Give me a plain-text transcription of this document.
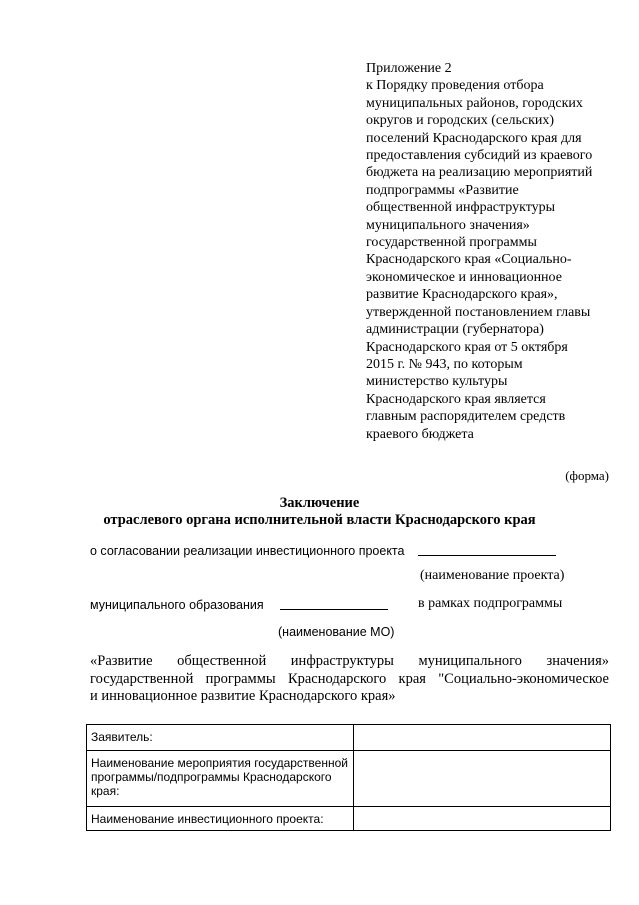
Приложение 2
к Порядку проведения отбора
муниципальных районов, городских
округов и городских (сельских)
поселений Краснодарского края для
предоставления субсидий из краевого
бюджета на реализацию мероприятий
подпрограммы «Развитие
общественной инфраструктуры
муниципального значения»
государственной программы
Краснодарского края «Социально-
экономическое и инновационное
развитие Краснодарского края»,
утвержденной постановлением главы
администрации (губернатора)
Краснодарского края от 5 октября
2015 г. № 943, по которым
министерство культуры
Краснодарского края является
главным распорядителем средств
краевого бюджета
(форма)
Заключение
отраслевого органа исполнительной власти Краснодарского края
о согласовании реализации инвестиционного проекта
(наименование проекта)
муниципального образования	в рамках подпрограммы
(наименование МО)
«Развитие общественной инфраструктуры муниципального значения»
государственной программы Краснодарского края "Социально-экономическое
и инновационное развитие Краснодарского края»
Заявитель:	
Наименование мероприятия государственной программы/подпрограммы Краснодарского края:	
Наименование инвестиционного проекта:	
